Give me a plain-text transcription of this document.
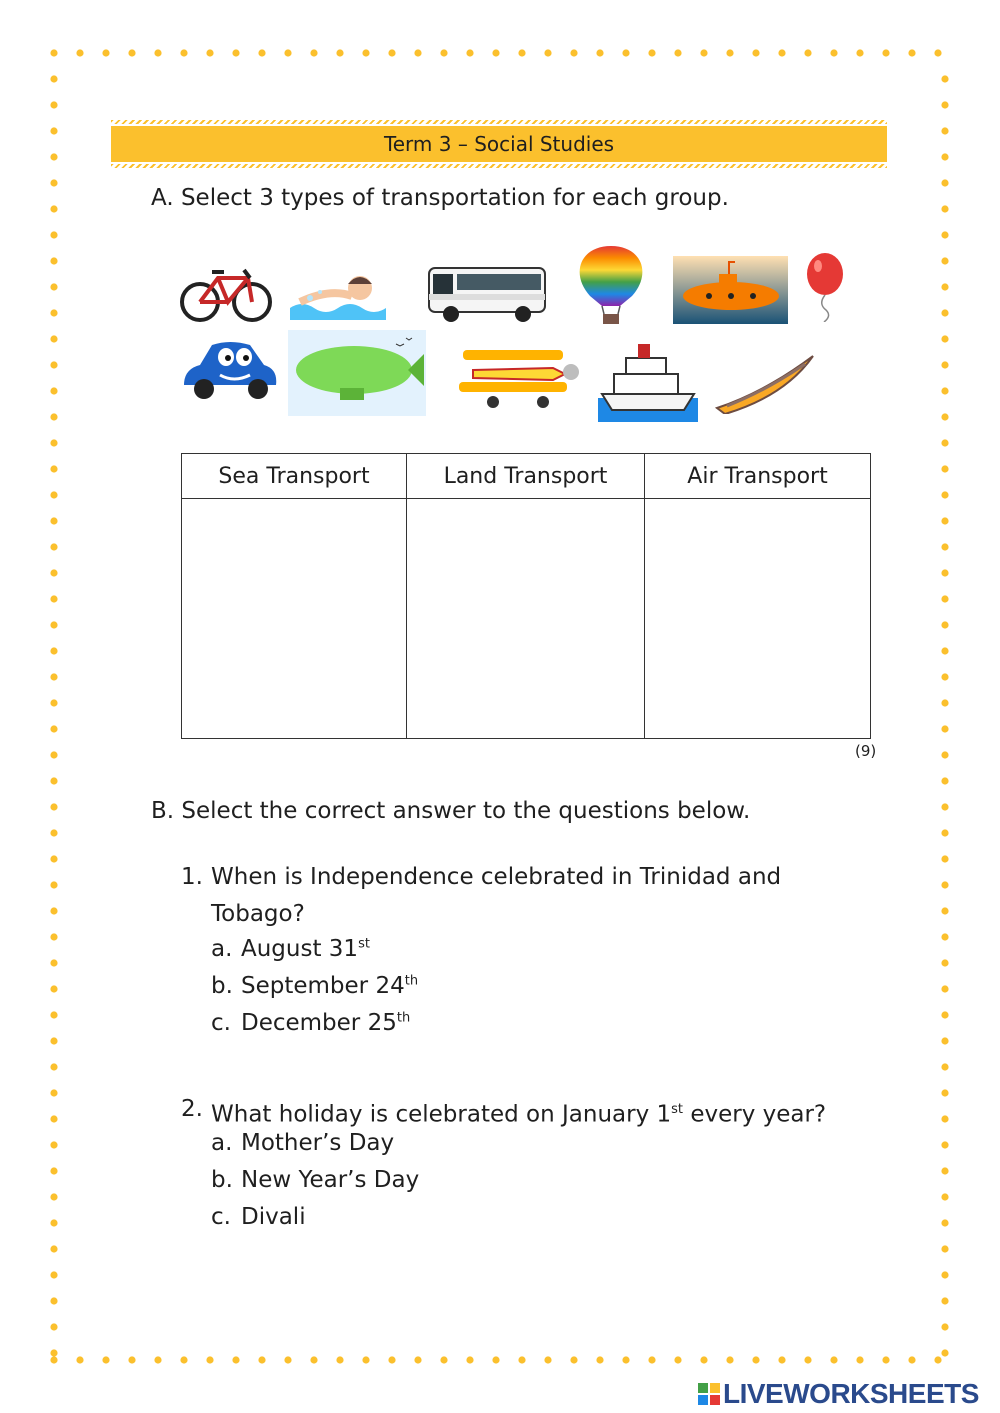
Term 3 – Social Studies
A. Select 3 types of transportation for each group.
Sea Transport	Land Transport	Air Transport

(9)
B. Select the correct answer to the questions below.
1. When is Independence celebrated in Trinidad and Tobago?
a. August 31st
b. September 24th
c. December 25th
2. What holiday is celebrated on January 1st every year?
a. Mother’s Day
b. New Year’s Day
c. Divali
LIVEWORKSHEETS
